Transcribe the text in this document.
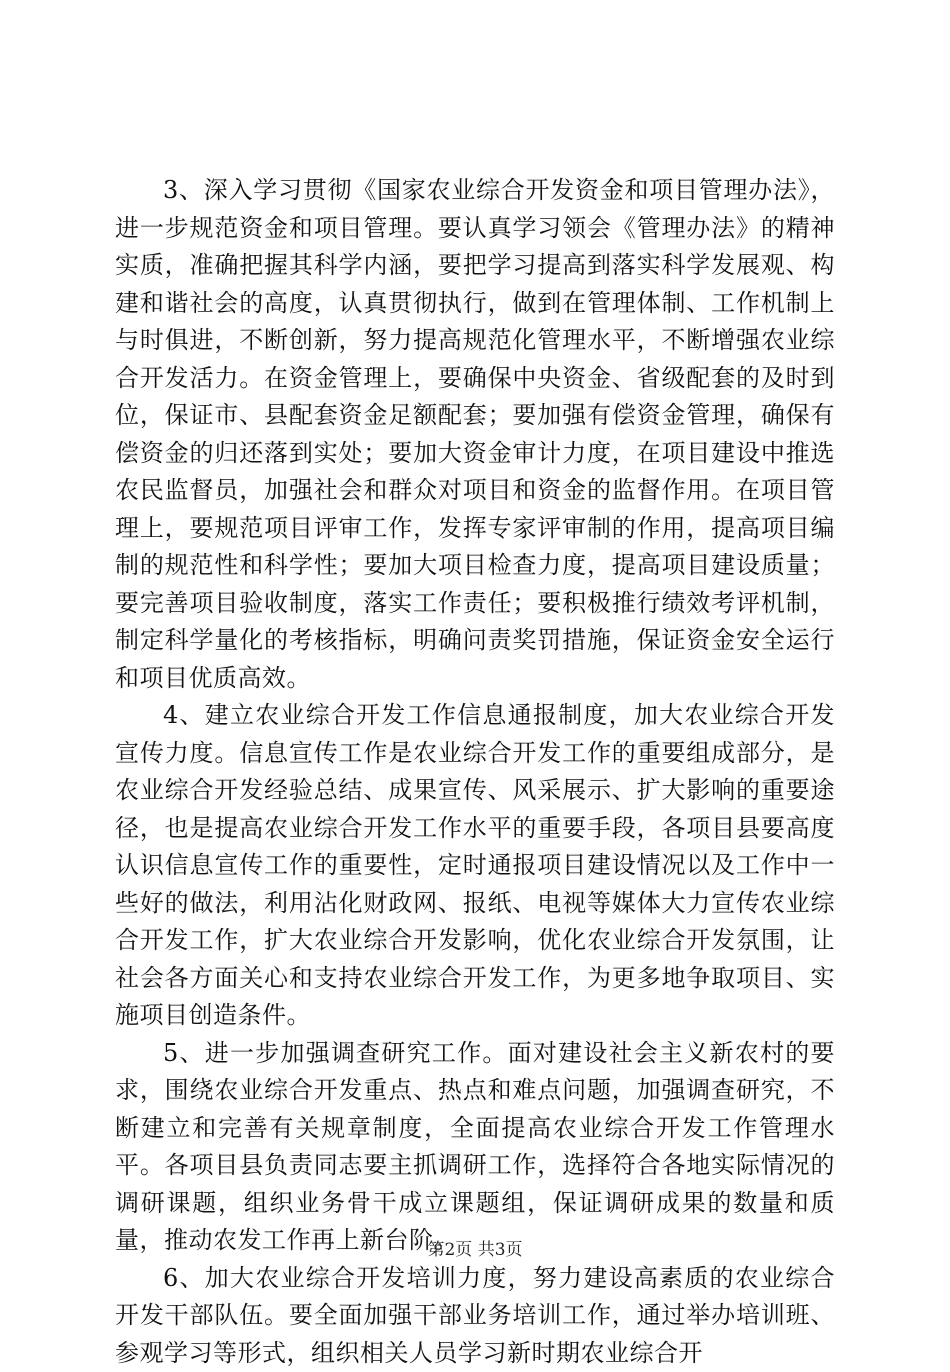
3、深入学习贯彻《国家农业综合开发资金和项目管理办法》，进一步规范资金和项目管理。要认真学习领会《管理办法》的精神实质，准确把握其科学内涵，要把学习提高到落实科学发展观、构建和谐社会的高度，认真贯彻执行，做到在管理体制、工作机制上与时俱进，不断创新，努力提高规范化管理水平，不断增强农业综合开发活力。在资金管理上，要确保中央资金、省级配套的及时到位，保证市、县配套资金足额配套；要加强有偿资金管理，确保有偿资金的归还落到实处；要加大资金审计力度，在项目建设中推选农民监督员，加强社会和群众对项目和资金的监督作用。在项目管理上，要规范项目评审工作，发挥专家评审制的作用，提高项目编制的规范性和科学性；要加大项目检查力度，提高项目建设质量；要完善项目验收制度，落实工作责任；要积极推行绩效考评机制，制定科学量化的考核指标，明确问责奖罚措施，保证资金安全运行和项目优质高效。

4、建立农业综合开发工作信息通报制度，加大农业综合开发宣传力度。信息宣传工作是农业综合开发工作的重要组成部分，是农业综合开发经验总结、成果宣传、风采展示、扩大影响的重要途径，也是提高农业综合开发工作水平的重要手段，各项目县要高度认识信息宣传工作的重要性，定时通报项目建设情况以及工作中一些好的做法，利用沾化财政网、报纸、电视等媒体大力宣传农业综合开发工作，扩大农业综合开发影响，优化农业综合开发氛围，让社会各方面关心和支持农业综合开发工作，为更多地争取项目、实施项目创造条件。

5、进一步加强调查研究工作。面对建设社会主义新农村的要求，围绕农业综合开发重点、热点和难点问题，加强调查研究，不断建立和完善有关规章制度，全面提高农业综合开发工作管理水平。各项目县负责同志要主抓调研工作，选择符合各地实际情况的调研课题，组织业务骨干成立课题组，保证调研成果的数量和质量，推动农发工作再上新台阶。

6、加大农业综合开发培训力度，努力建设高素质的农业综合开发干部队伍。要全面加强干部业务培训工作，通过举办培训班、参观学习等形式，组织相关人员学习新时期农业综合开

第2页 共3页
